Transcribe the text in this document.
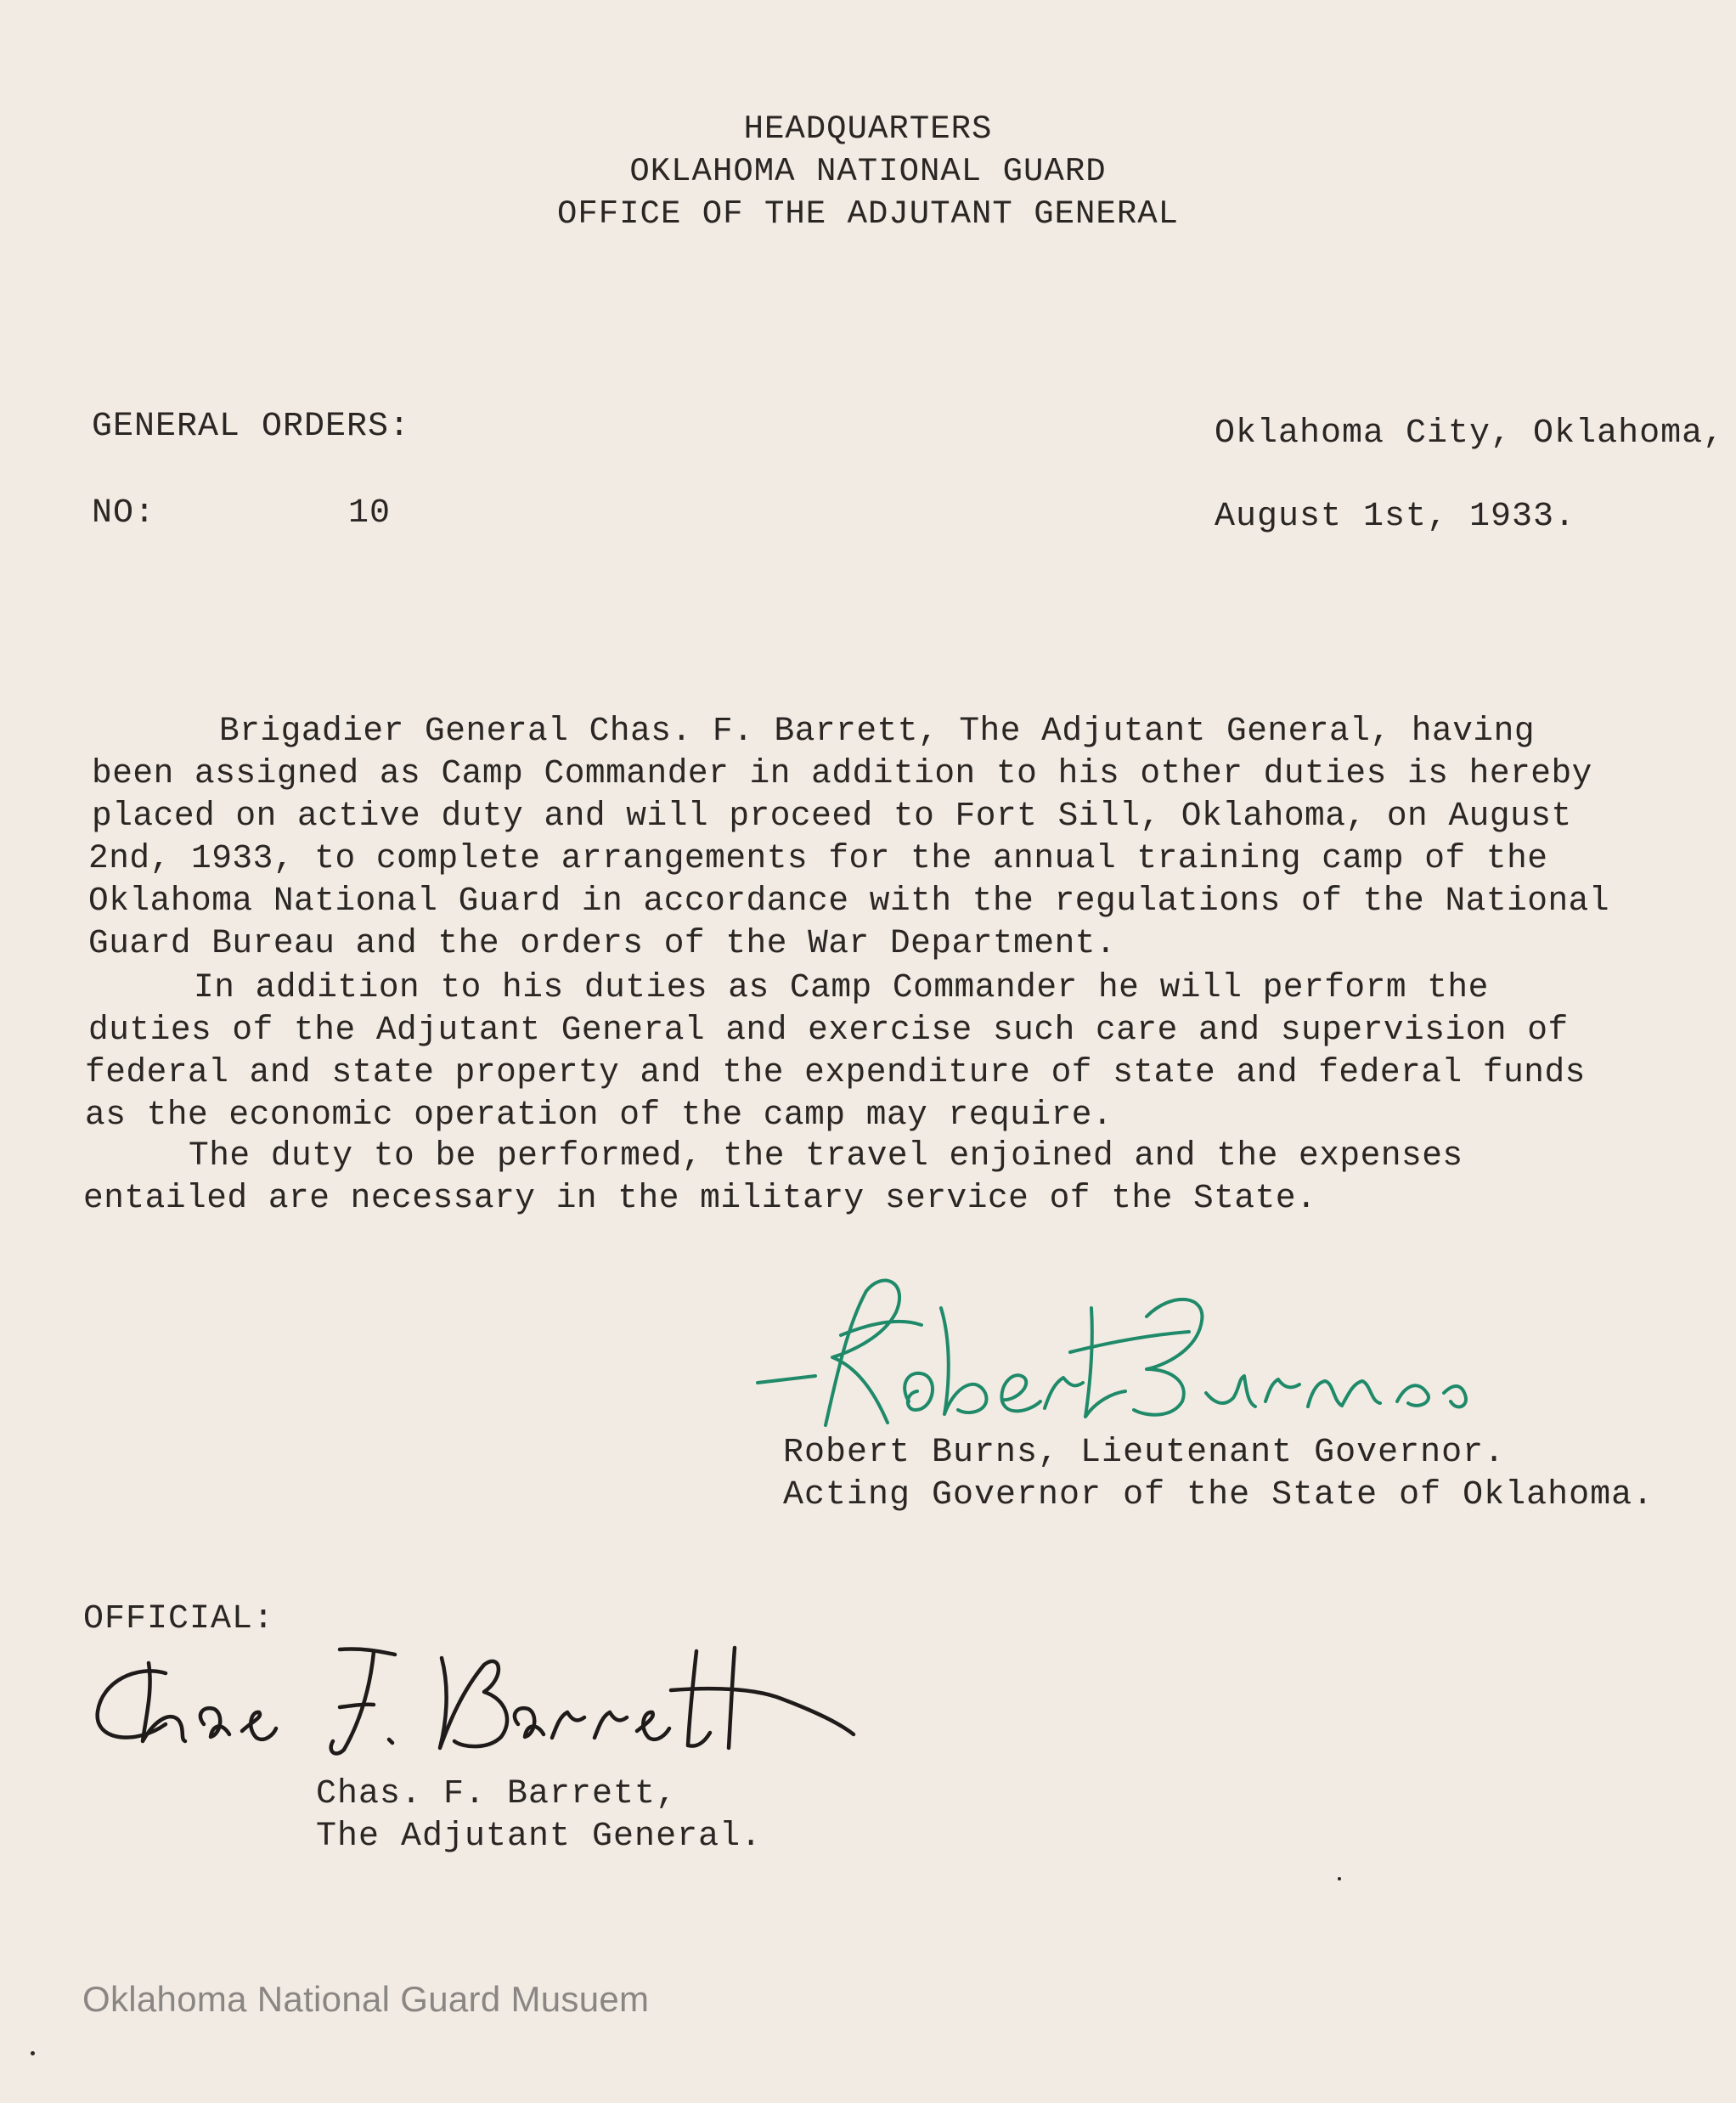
HEADQUARTERS
OKLAHOMA NATIONAL GUARD
OFFICE OF THE ADJUTANT GENERAL
GENERAL ORDERS:	Oklahoma City, Oklahoma,
NO:	10	August 1st, 1933.
Brigadier General Chas. F. Barrett, The Adjutant General, having
been assigned as Camp Commander in addition to his other duties is hereby
placed on active duty and will proceed to Fort Sill, Oklahoma, on August
2nd, 1933, to complete arrangements for the annual training camp of the
Oklahoma National Guard in accordance with the regulations of the National
Guard Bureau and the orders of the War Department.
In addition to his duties as Camp Commander he will perform the
duties of the Adjutant General and exercise such care and supervision of
federal and state property and the expenditure of state and federal funds
as the economic operation of the camp may require.
The duty to be performed, the travel enjoined and the expenses
entailed are necessary in the military service of the State.
Robert Burns, Lieutenant Governor.
Acting Governor of the State of Oklahoma.
OFFICIAL:
Chas. F. Barrett,
The Adjutant General.
Oklahoma National Guard Musuem
